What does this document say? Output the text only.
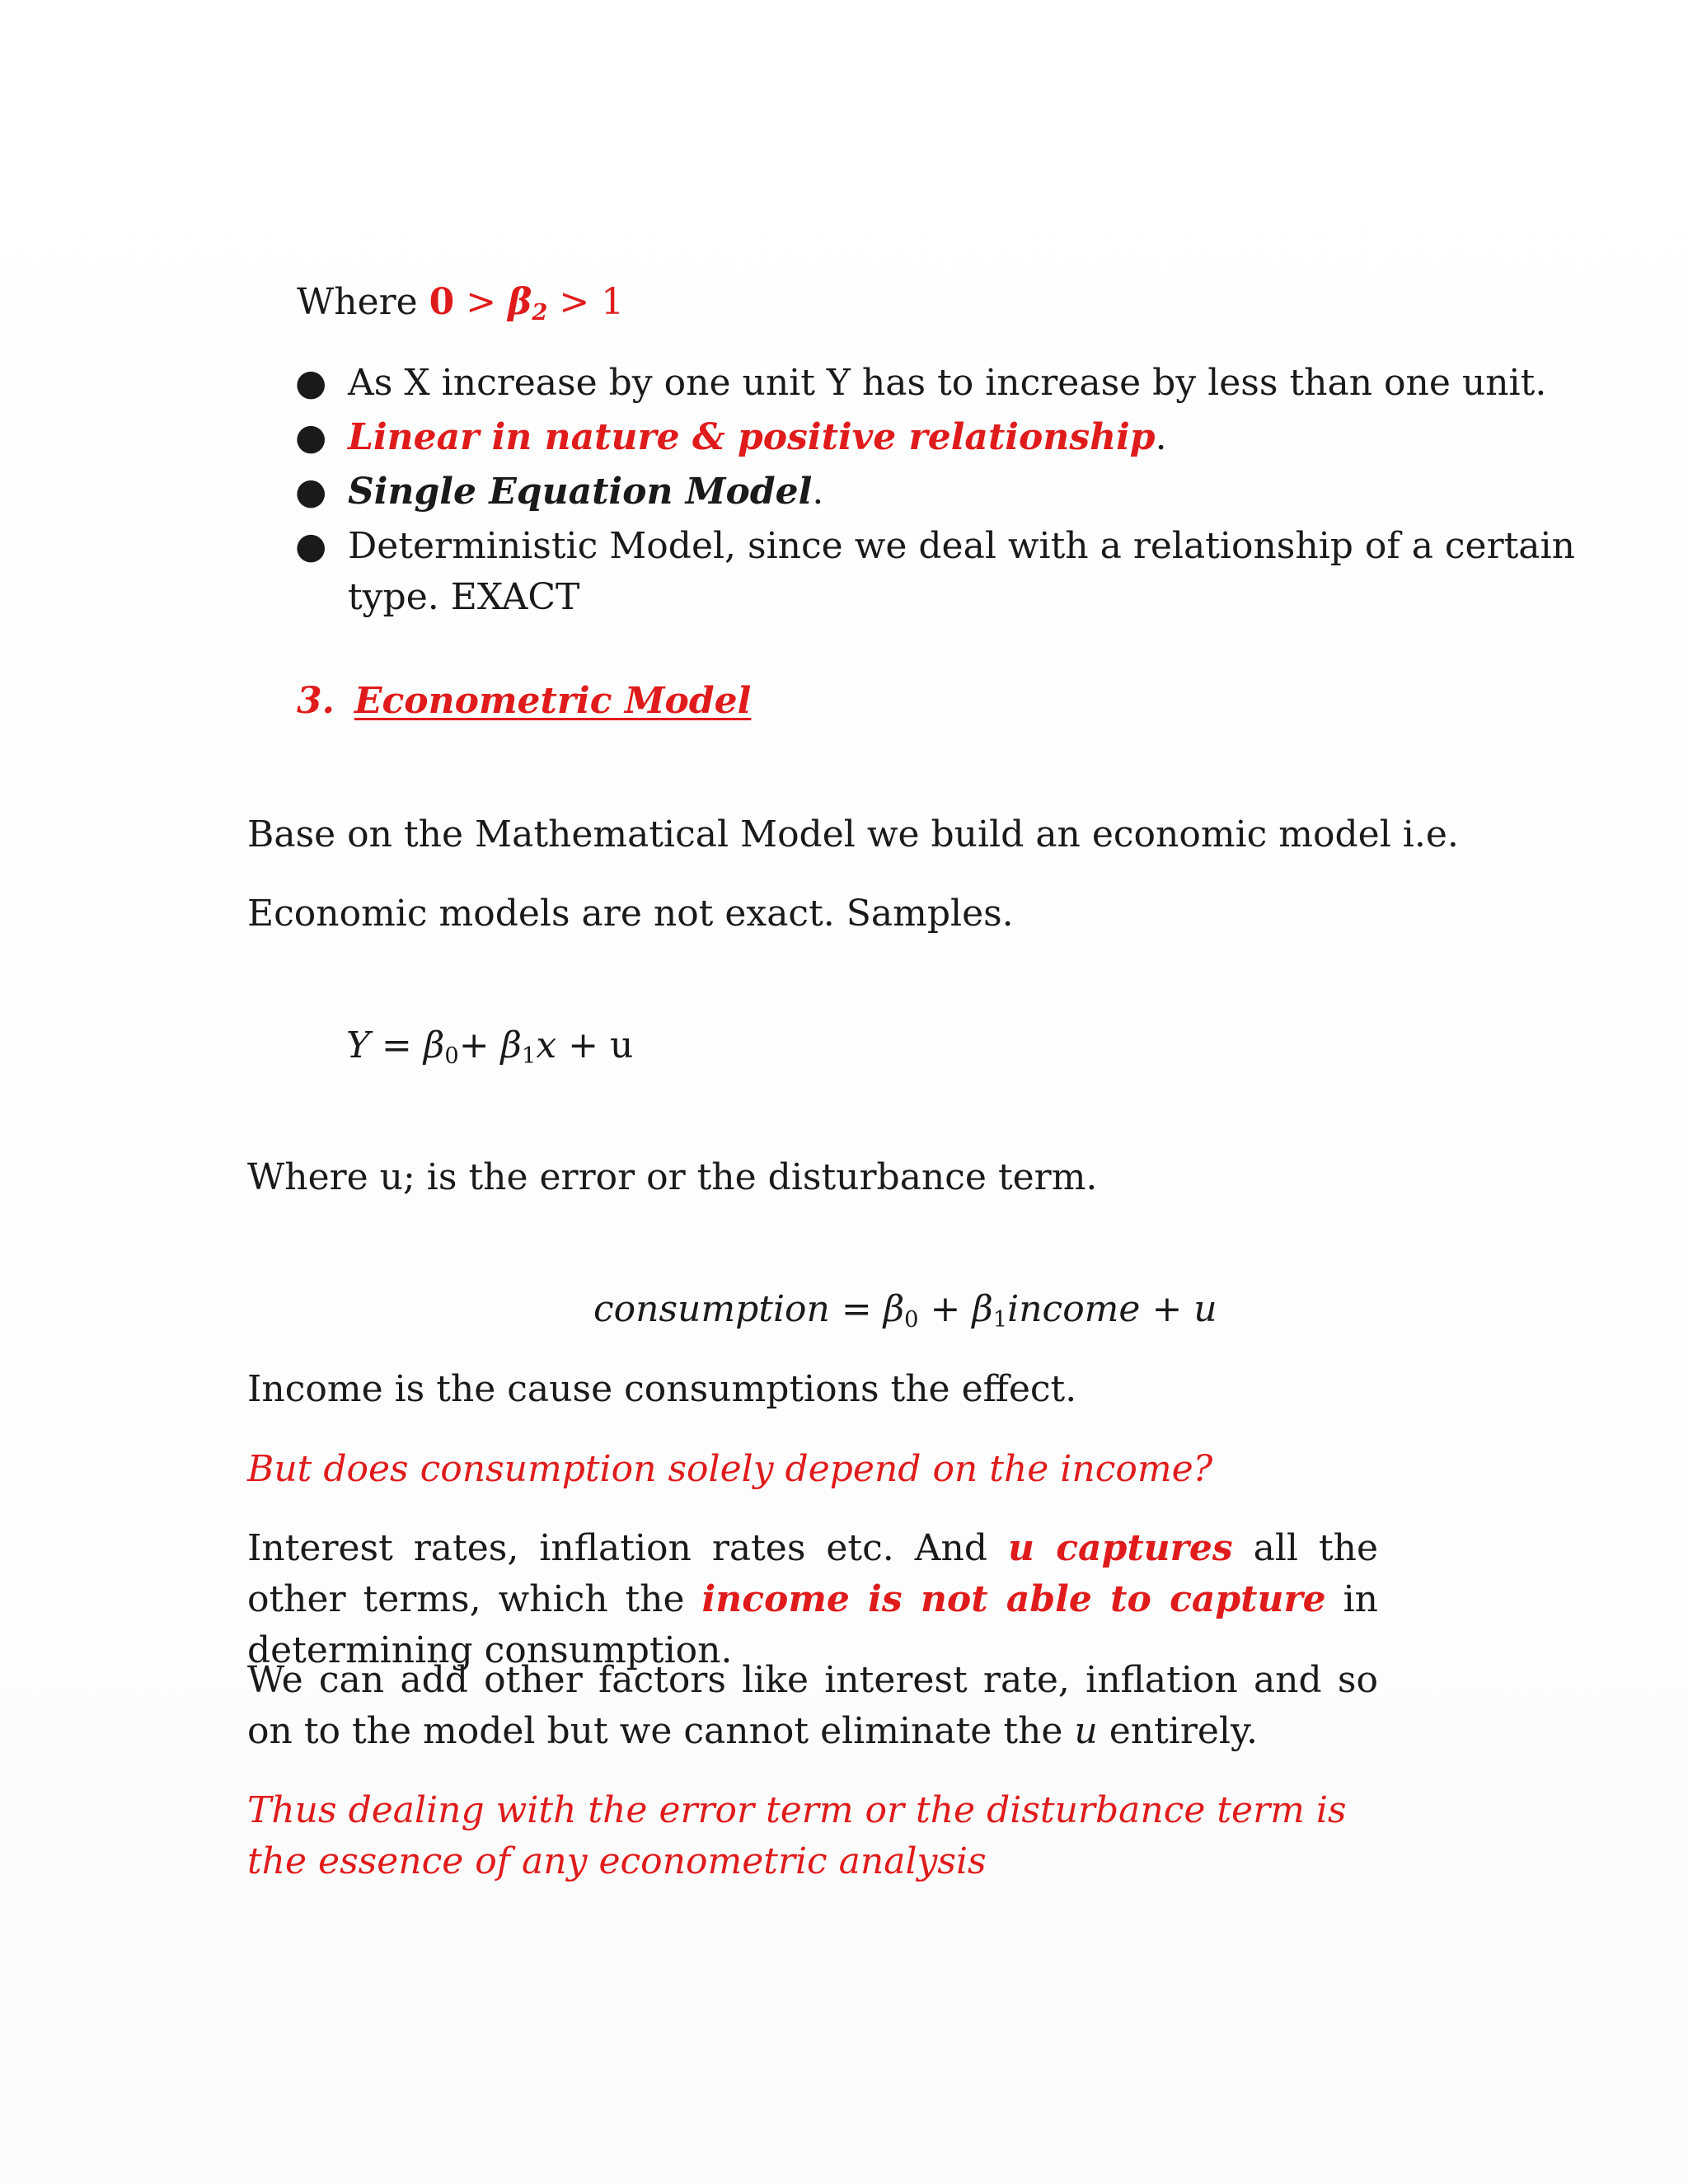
Where $0 > \beta_2 > 1$
● As X increase by one unit Y has to increase by less than one unit.
● Linear in nature & positive relationship.
● Single Equation Model.
● Deterministic Model, since we deal with a relationship of a certain
type. EXACT
3. Econometric Model
Base on the Mathematical Model we build an economic model i.e.
Economic models are not exact. Samples.
$Y = \beta_0+ \beta_1x + u$
Where u; is the error or the disturbance term.
consumption = $\beta_0$ + $\beta_1income + u$
Income is the cause consumptions the effect.
But does consumption solely depend on the income?
Interest rates, inflation rates etc. And u captures all the other terms, which the income is not able to capture in determining consumption.
We can add other factors like interest rate, inflation and so on to the model but we cannot eliminate the u entirely.
Thus dealing with the error term or the disturbance term is the essence of any econometric analysis
